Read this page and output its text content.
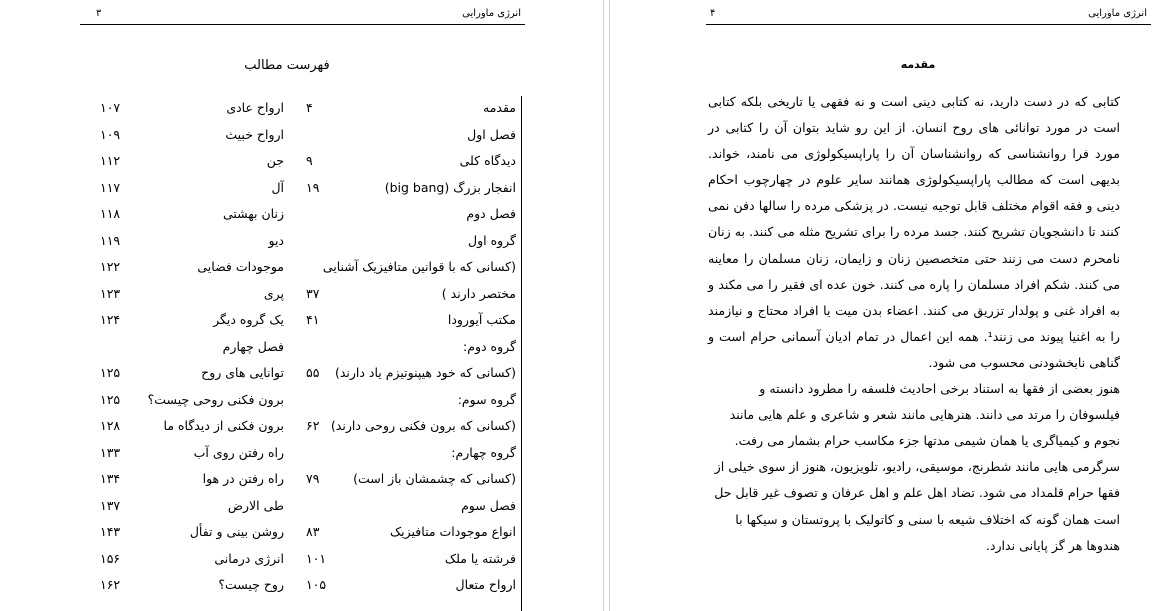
۳	انرژی ماورایی
فهرست مطالب
مقدمه
۴
فصل اول
دیدگاه کلی
۹
انفجار بزرگ (big bang)
۱۹
فصل دوم
گروه اول
(کسانی که با قوانین متافیزیک آشنایی
مختصر دارند )
۳۷
مکتب آیورودا
۴۱
گروه دوم:
(کسانی که خود هیپنوتیزم یاد دارند)
۵۵
گروه سوم:
(کسانی که برون فکنی روحی دارند)
۶۲
گروه چهارم:
(کسانی که چشمشان باز است)
۷۹
فصل سوم
انواع موجودات متافیزیک
۸۳
فرشته یا ملک
۱۰۱
ارواح متعال
۱۰۵
ارواح عادی
۱۰۷
ارواح خبیث
۱۰۹
جن
۱۱۲
آل
۱۱۷
زنان بهشتی
۱۱۸
دیو
۱۱۹
موجودات فضایی
۱۲۲
پری
۱۲۳
یک گروه دیگر
۱۲۴
فصل چهارم
توانایی های روح
۱۲۵
برون فکنی روحی چیست؟
۱۲۵
برون فکنی از دیدگاه ما
۱۲۸
راه رفتن روی آب
۱۳۳
راه رفتن در هوا
۱۳۴
طی الارض
۱۳۷
روشن بینی و تفأل
۱۴۳
انرژی درمانی
۱۵۶
روح چیست؟
۱۶۲
۴	انرژی ماورایی
مقدمه

کتابی که در دست دارید، نه کتابی دینی است و نه فقهی یا تاریخی بلکه کتابی است در مورد توانائی های روح انسان. از این رو شاید بتوان آن را کتابی در مورد فرا روانشناسی که روانشناسان آن را پاراپسیکولوژی می نامند، خواند. بدیهی است که مطالب پاراپسیکولوژی همانند سایر علوم در چهارچوب احکام دینی و فقه اقوام مختلف قابل توجیه نیست. در پزشکی مرده را سالها دفن نمی کنند تا دانشجویان تشریح کنند. جسد مرده را برای تشریح مثله می کنند. به زنان نامحرم دست می زنند حتی متخصصین زنان و زایمان، زنان مسلمان را معاینه می کنند. شکم افراد مسلمان را پاره می کنند. خون عده ای فقیر را می مکند و به افراد غنی و پولدار تزریق می کنند. اعضاء بدن میت یا افراد محتاج و نیازمند را به اغنیا پیوند می زنند¹. همه این اعمال در تمام ادیان آسمانی حرام است و گناهی نابخشودنی محسوب می شود.

هنوز بعضی از فقها به استناد برخی احادیث فلسفه را مطرود دانسته و فیلسوفان را مرتد می دانند. هنرهایی مانند شعر و شاعری و علم هایی مانند نجوم و کیمیاگری یا همان شیمی مدتها جزء مکاسب حرام بشمار می رفت. سرگرمی هایی مانند شطرنج، موسیقی، رادیو، تلویزیون، هنوز از سوی خیلی از فقها حرام قلمداد می شود. تضاد اهل علم و اهل عرفان و تصوف غیر قابل حل است همان گونه که اختلاف شیعه با سنی و کاتولیک با پروتستان و سیکها با هندوها هر گز پایانی ندارد.
